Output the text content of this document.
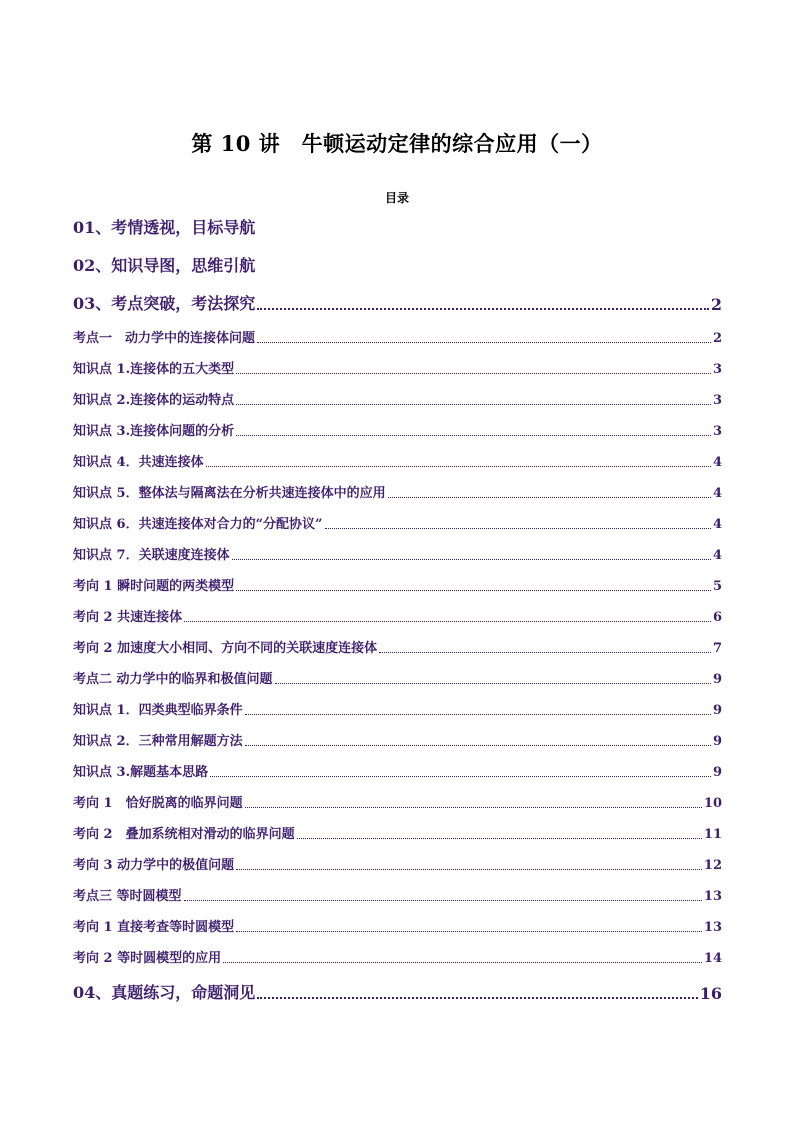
第 10 讲　牛顿运动定律的综合应用（一）
目录
01、考情透视，目标导航
02、知识导图，思维引航
03、考点突破，考法探究	2
考点一　动力学中的连接体问题	2
知识点 1.连接体的五大类型	3
知识点 2.连接体的运动特点	3
知识点 3.连接体问题的分析	3
知识点 4．共速连接体	4
知识点 5．整体法与隔离法在分析共速连接体中的应用	4
知识点 6．共速连接体对合力的“分配协议”	4
知识点 7．关联速度连接体	4
考向 1 瞬时问题的两类模型	5
考向 2 共速连接体	6
考向 2 加速度大小相同、方向不同的关联速度连接体	7
考点二 动力学中的临界和极值问题	9
知识点 1．四类典型临界条件	9
知识点 2．三种常用解题方法	9
知识点 3.解题基本思路	9
考向 1　恰好脱离的临界问题	10
考向 2　叠加系统相对滑动的临界问题	11
考向 3 动力学中的极值问题	12
考点三 等时圆模型	13
考向 1 直接考查等时圆模型	13
考向 2 等时圆模型的应用	14
04、真题练习，命题洞见	16
